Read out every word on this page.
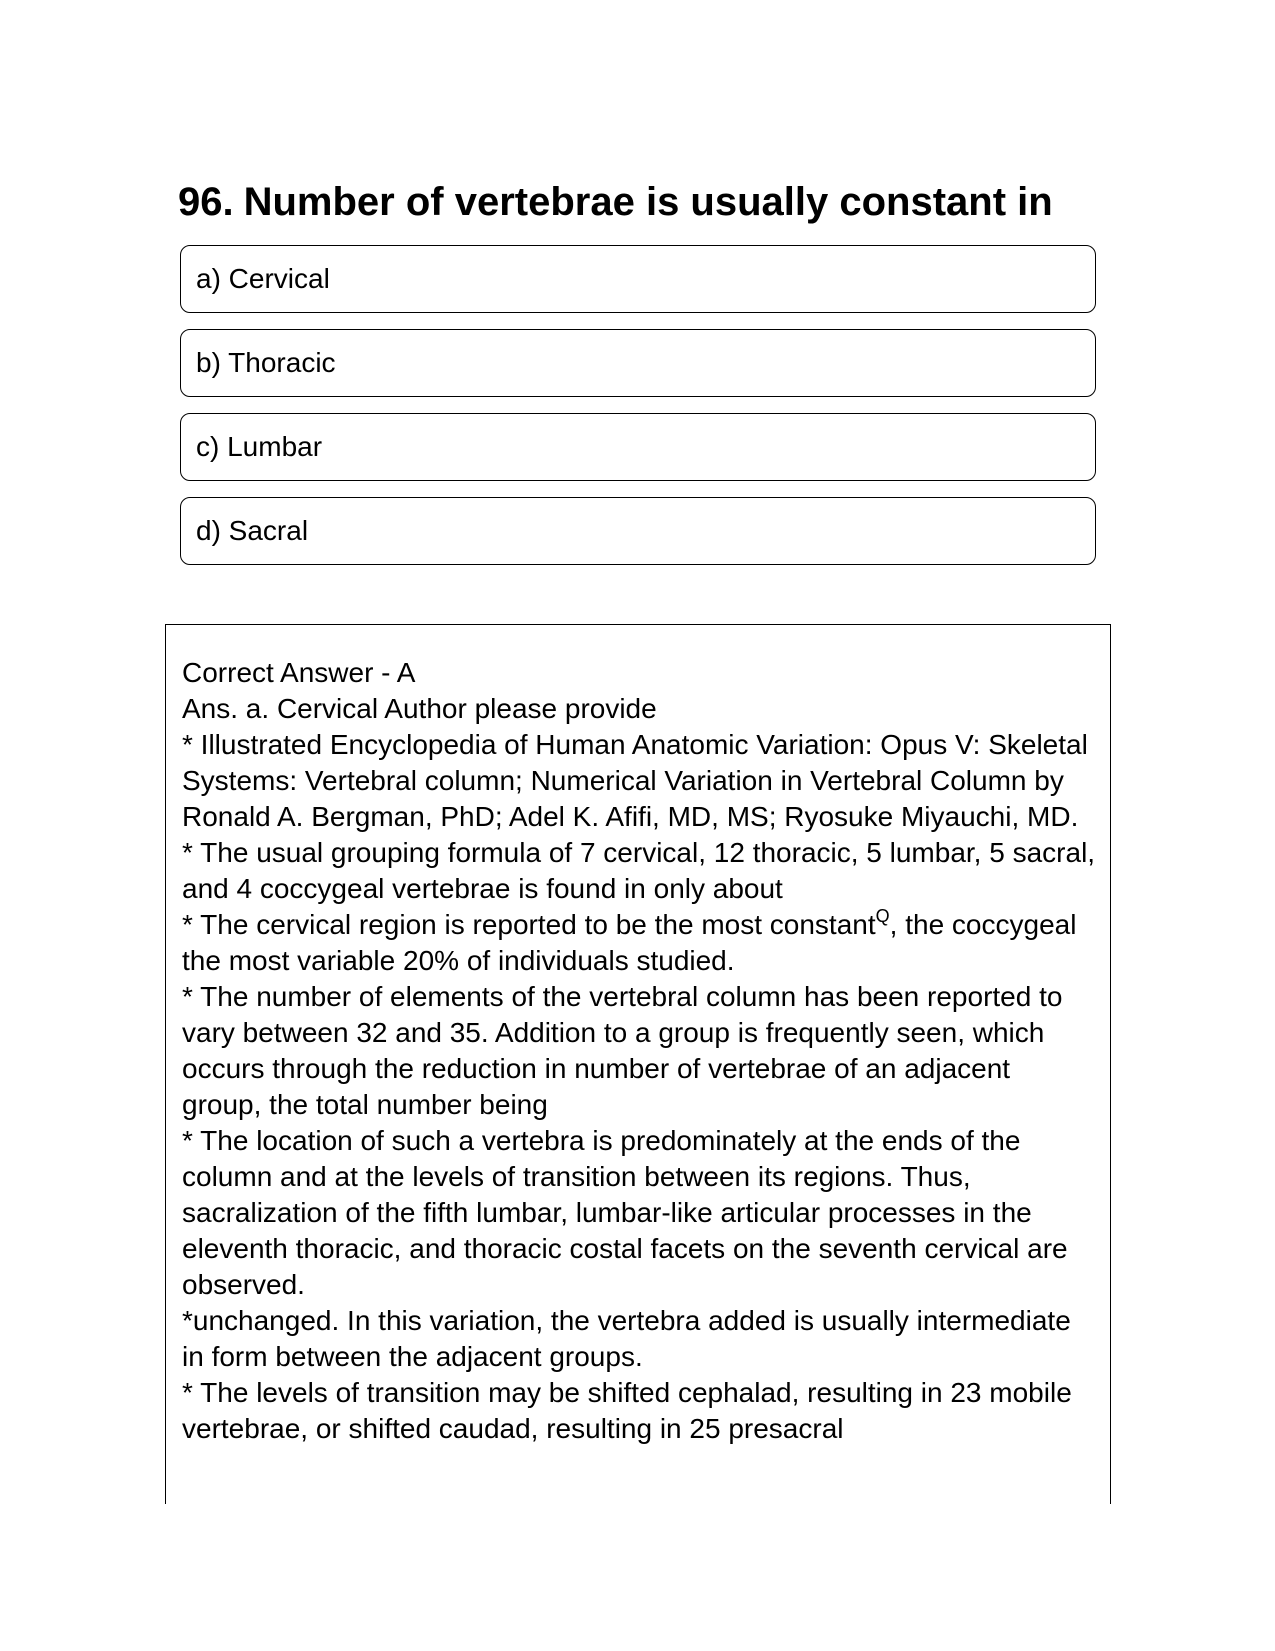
96. Number of vertebrae is usually constant in
a) Cervical
b) Thoracic
c) Lumbar
d) Sacral

Correct Answer - A

Ans. a. Cervical Author please provide

* Illustrated Encyclopedia of Human Anatomic Variation: Opus V: Skeletal Systems: Vertebral column; Numerical Variation in Vertebral Column by Ronald A. Bergman, PhD; Adel K. Afifi, MD, MS; Ryosuke Miyauchi, MD.

* The usual grouping formula of 7 cervical, 12 thoracic, 5 lumbar, 5 sacral, and 4 coccygeal vertebrae is found in only about

* The cervical region is reported to be the most constant$^Q$, the coccygeal the most variable 20% of individuals studied.

* The number of elements of the vertebral column has been reported to vary between 32 and 35. Addition to a group is frequently seen, which occurs through the reduction in number of vertebrae of an adjacent group, the total number being

* The location of such a vertebra is predominately at the ends of the column and at the levels of transition between its regions. Thus, sacralization of the fifth lumbar, lumbar-like articular processes in the eleventh thoracic, and thoracic costal facets on the seventh cervical are observed.

*unchanged. In this variation, the vertebra added is usually intermediate in form between the adjacent groups.

* The levels of transition may be shifted cephalad, resulting in 23 mobile vertebrae, or shifted caudad, resulting in 25 presacral
